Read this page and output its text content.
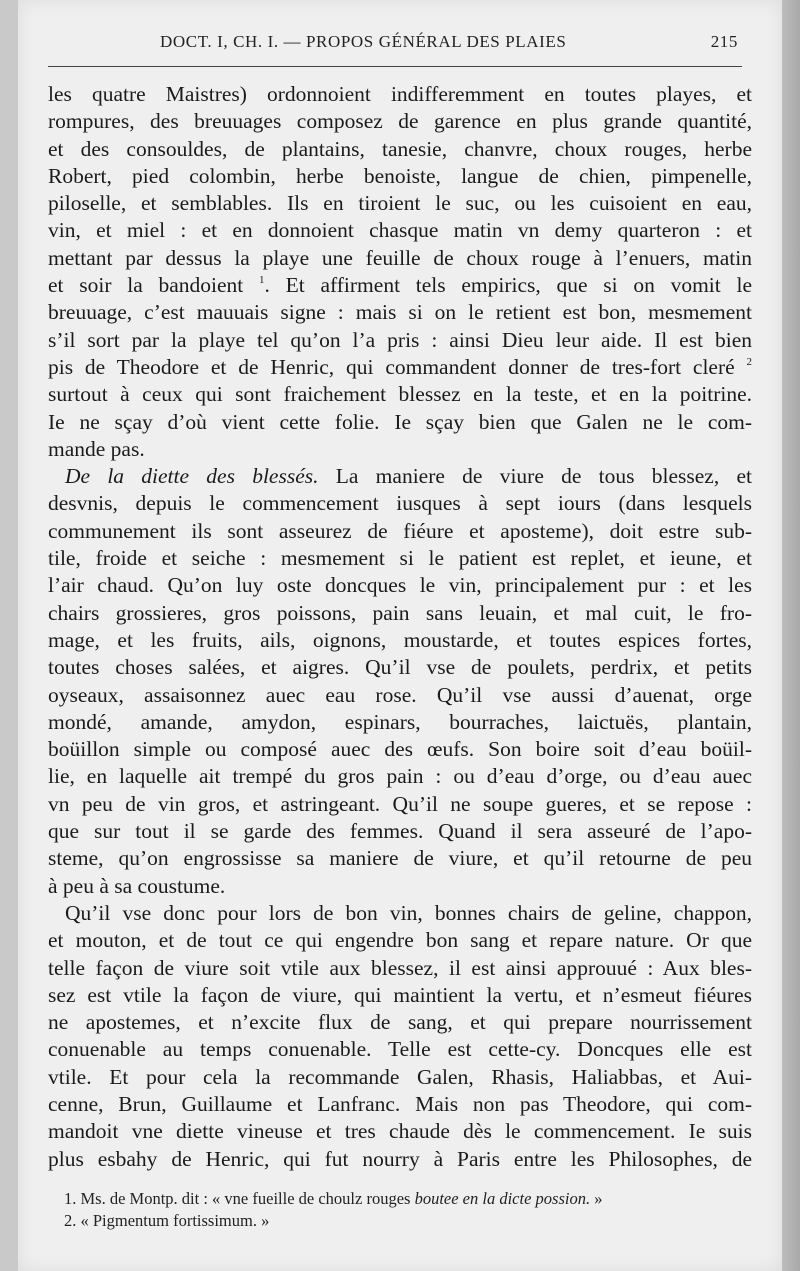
DOCT. I, CH. I. — PROPOS GÉNÉRAL DES PLAIES	215
les quatre Maistres) ordonnoient indifferemment en toutes playes, et
rompures, des breuuages composez de garence en plus grande quantité,
et des consouldes, de plantains, tanesie, chanvre, choux rouges, herbe
Robert, pied colombin, herbe benoiste, langue de chien, pimpenelle,
piloselle, et semblables. Ils en tiroient le suc, ou les cuisoient en eau,
vin, et miel : et en donnoient chasque matin vn demy quarteron : et
mettant par dessus la playe une feuille de choux rouge à l’enuers, matin
et soir la bandoient $^1$. Et affirment tels empirics, que si on vomit le
breuuage, c’est mauuais signe : mais si on le retient est bon, mesmement
s’il sort par la playe tel qu’on l’a pris : ainsi Dieu leur aide. Il est bien
pis de Theodore et de Henric, qui commandent donner de tres-fort cleré $^2$
surtout à ceux qui sont fraichement blessez en la teste, et en la poitrine.
Ie ne sçay d’où vient cette folie. Ie sçay bien que Galen ne le com-
mande pas.
De la diette des blessés. La maniere de viure de tous blessez, et
desvnis, depuis le commencement iusques à sept iours (dans lesquels
communement ils sont asseurez de fiéure et aposteme), doit estre sub-
tile, froide et seiche : mesmement si le patient est replet, et ieune, et
l’air chaud. Qu’on luy oste doncques le vin, principalement pur : et les
chairs grossieres, gros poissons, pain sans leuain, et mal cuit, le fro-
mage, et les fruits, ails, oignons, moustarde, et toutes espices fortes,
toutes choses salées, et aigres. Qu’il vse de poulets, perdrix, et petits
oyseaux, assaisonnez auec eau rose. Qu’il vse aussi d’auenat, orge
mondé, amande, amydon, espinars, bourraches, laictuës, plantain,
boüillon simple ou composé auec des œufs. Son boire soit d’eau boüil-
lie, en laquelle ait trempé du gros pain : ou d’eau d’orge, ou d’eau auec
vn peu de vin gros, et astringeant. Qu’il ne soupe gueres, et se repose :
que sur tout il se garde des femmes. Quand il sera asseuré de l’apo-
steme, qu’on engrossisse sa maniere de viure, et qu’il retourne de peu
à peu à sa coustume.
Qu’il vse donc pour lors de bon vin, bonnes chairs de geline, chappon,
et mouton, et de tout ce qui engendre bon sang et repare nature. Or que
telle façon de viure soit vtile aux blessez, il est ainsi approuué : Aux bles-
sez est vtile la façon de viure, qui maintient la vertu, et n’esmeut fiéures
ne apostemes, et n’excite flux de sang, et qui prepare nourrissement
conuenable au temps conuenable. Telle est cette-cy. Doncques elle est
vtile. Et pour cela la recommande Galen, Rhasis, Haliabbas, et Aui-
cenne, Brun, Guillaume et Lanfranc. Mais non pas Theodore, qui com-
mandoit vne diette vineuse et tres chaude dès le commencement. Ie suis
plus esbahy de Henric, qui fut nourry à Paris entre les Philosophes, de
1. Ms. de Montp. dit : « vne fueille de choulz rouges boutee en la dicte possion. »
2. « Pigmentum fortissimum. »
